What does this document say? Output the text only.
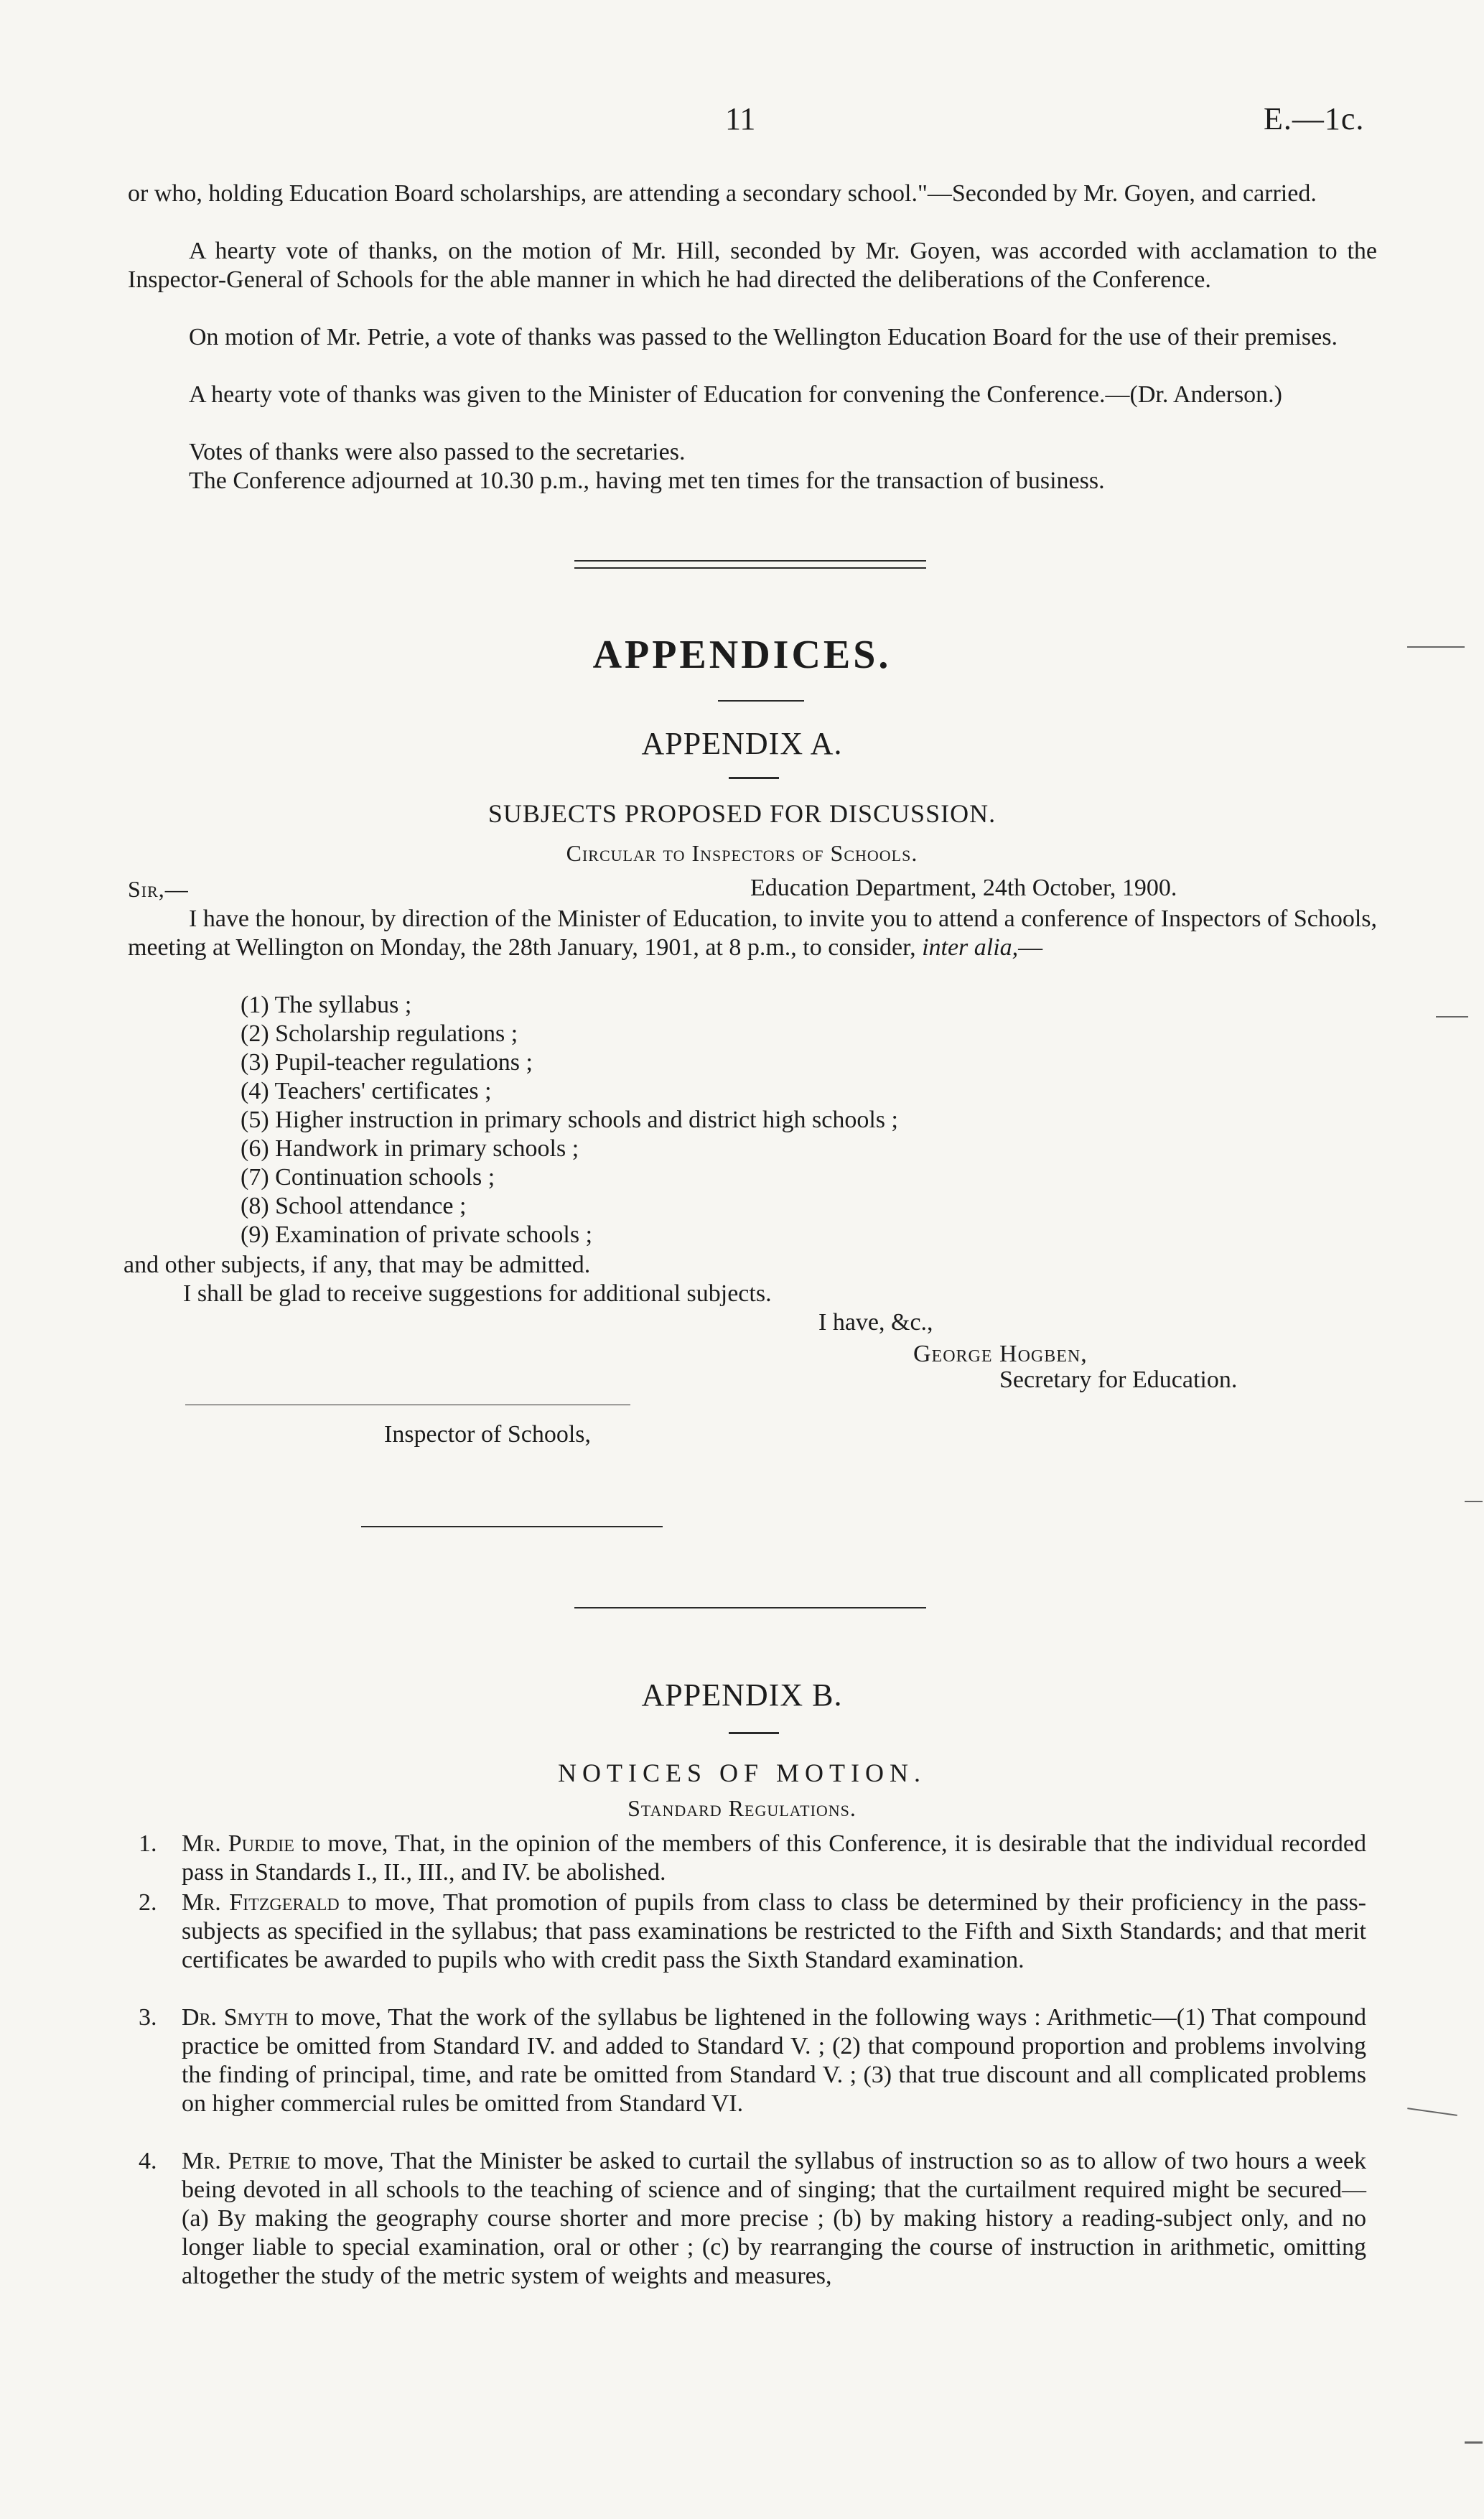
11	E.—1c.
or who, holding Education Board scholarships, are attending a secondary school."—Seconded by Mr. Goyen, and carried.
A hearty vote of thanks, on the motion of Mr. Hill, seconded by Mr. Goyen, was accorded with acclamation to the Inspector-General of Schools for the able manner in which he had directed the deliberations of the Conference.
On motion of Mr. Petrie, a vote of thanks was passed to the Wellington Education Board for the use of their premises.
A hearty vote of thanks was given to the Minister of Education for convening the Conference.—(Dr. Anderson.)
Votes of thanks were also passed to the secretaries.
The Conference adjourned at 10.30 p.m., having met ten times for the transaction of business.
APPENDICES.
APPENDIX A.
SUBJECTS PROPOSED FOR DISCUSSION.
Circular to Inspectors of Schools.
Sir,—	Education Department, 24th October, 1900.
I have the honour, by direction of the Minister of Education, to invite you to attend a conference of Inspectors of Schools, meeting at Wellington on Monday, the 28th January, 1901, at 8 p.m., to consider, inter alia,—
(1) The syllabus ;
(2) Scholarship regulations ;
(3) Pupil-teacher regulations ;
(4) Teachers' certificates ;
(5) Higher instruction in primary schools and district high schools ;
(6) Handwork in primary schools ;
(7) Continuation schools ;
(8) School attendance ;
(9) Examination of private schools ;
and other subjects, if any, that may be admitted.
I shall be glad to receive suggestions for additional subjects.
I have, &c.,
George Hogben,
Secretary for Education.
Inspector of Schools,
APPENDIX B.
NOTICES OF MOTION.
Standard Regulations.
1. Mr. Purdie to move, That, in the opinion of the members of this Conference, it is desirable that the individual recorded pass in Standards I., II., III., and IV. be abolished.
2. Mr. Fitzgerald to move, That promotion of pupils from class to class be determined by their proficiency in the pass-subjects as specified in the syllabus; that pass examinations be restricted to the Fifth and Sixth Standards; and that merit certificates be awarded to pupils who with credit pass the Sixth Standard examination.
3. Dr. Smyth to move, That the work of the syllabus be lightened in the following ways : Arithmetic—(1) That compound practice be omitted from Standard IV. and added to Standard V. ; (2) that compound proportion and problems involving the finding of principal, time, and rate be omitted from Standard V. ; (3) that true discount and all complicated problems on higher commercial rules be omitted from Standard VI.
4. Mr. Petrie to move, That the Minister be asked to curtail the syllabus of instruction so as to allow of two hours a week being devoted in all schools to the teaching of science and of singing; that the curtailment required might be secured—(a) By making the geography course shorter and more precise ; (b) by making history a reading-subject only, and no longer liable to special examination, oral or other ; (c) by rearranging the course of instruction in arithmetic, omitting altogether the study of the metric system of weights and measures,
